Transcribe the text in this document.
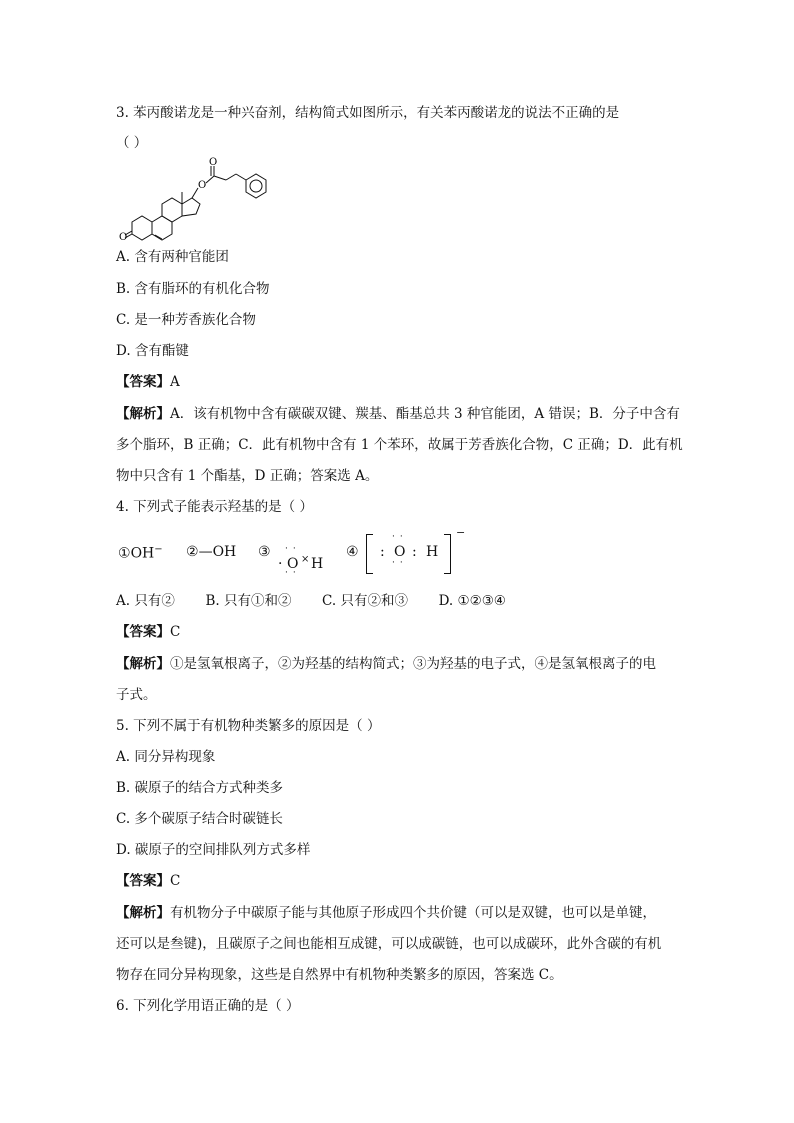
3. 苯丙酸诺龙是一种兴奋剂，结构简式如图所示，有关苯丙酸诺龙的说法不正确的是
（ ）
O
O
O
A. 含有两种官能团
B. 含有脂环的有机化合物
C. 是一种芳香族化合物
D. 含有酯键
【答案】A
【解析】A．该有机物中含有碳碳双键、羰基、酯基总共 3 种官能团，A 错误；B．分子中含有
多个脂环，B 正确；C．此有机物中含有 1 个苯环，故属于芳香族化合物，C 正确；D．此有机
物中只含有 1 个酯基，D 正确；答案选 A。
4. 下列式子能表示羟基的是（ ）
①OH− ②—OH ③ ··
· O × H
··
④
··
: O : H
··
−
A. 只有② B. 只有①和② C. 只有②和③ D. ①②③④
【答案】C
【解析】①是氢氧根离子，②为羟基的结构简式；③为羟基的电子式，④是氢氧根离子的电
子式。
5. 下列不属于有机物种类繁多的原因是（ ）
A. 同分异构现象
B. 碳原子的结合方式种类多
C. 多个碳原子结合时碳链长
D. 碳原子的空间排队列方式多样
【答案】C
【解析】有机物分子中碳原子能与其他原子形成四个共价键（可以是双键，也可以是单键，
还可以是叁键)，且碳原子之间也能相互成键，可以成碳链，也可以成碳环，此外含碳的有机
物存在同分异构现象，这些是自然界中有机物种类繁多的原因，答案选 C。
6. 下列化学用语正确的是（ ）
